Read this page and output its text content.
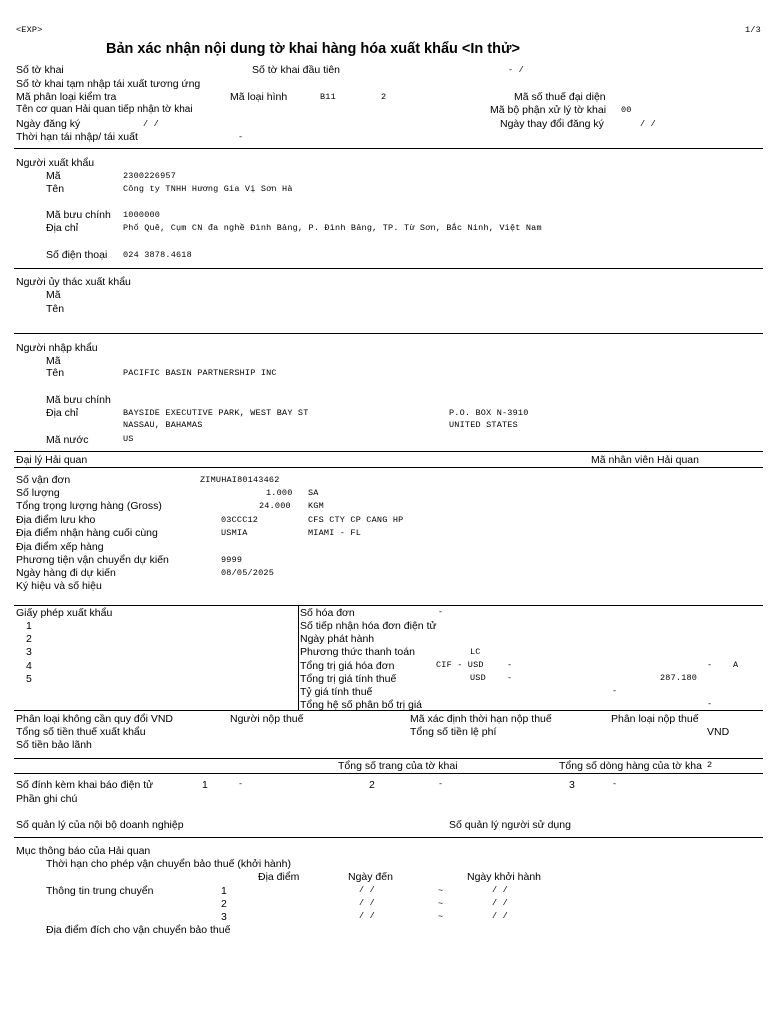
<EXP>	1/3
Bản xác nhận nội dung tờ khai hàng hóa xuất khẩu <In thử>
Số tờ khai	Số tờ khai đầu tiên	- /
Số tờ khai tạm nhập tái xuất tương ứng
Mã phân loại kiểm tra	Mã loại hình	B11	2	Mã số thuế đại diện
Tên cơ quan Hải quan tiếp nhận tờ khai	Mã bộ phận xử lý tờ khai 00
Ngày đăng ký	/ /	Ngày thay đổi đăng ký	/ /
Thời hạn tái nhập/ tái xuất	-
Người xuất khẩu
Mã	2300226957
Tên	Công ty TNHH Hương Gia Vị Sơn Hà
Mã bưu chính 1000000
Địa chỉ	Phố Quê, Cụm CN đa nghề Đình Bảng, P. Đình Bảng, TP. Từ Sơn, Bắc Ninh, Việt Nam
Số điện thoại 024 3878.4618
Người ủy thác xuất khẩu
Mã
Tên
Người nhập khẩu
Mã
Tên	PACIFIC BASIN PARTNERSHIP INC
Mã bưu chính
Địa chỉ	BAYSIDE EXECUTIVE PARK, WEST BAY ST	P.O. BOX N-3910
NASSAU, BAHAMAS	UNITED STATES
Mã nước	US
Đại lý Hải quan	Mã nhân viên Hải quan
Số vận đơn	ZIMUHAI80143462
Số lượng	1.000 SA
Tổng trọng lượng hàng (Gross)	24.000 KGM
Địa điểm lưu kho	03CCC12	CFS CTY CP CANG HP
Địa điểm nhận hàng cuối cùng	USMIA	MIAMI - FL
Địa điểm xếp hàng
Phương tiện vận chuyển dự kiến	9999
Ngày hàng đi dự kiến	08/05/2025
Ký hiệu và số hiệu
Giấy phép xuất khẩu
1
2
3
4
5
Số hóa đơn	-
Số tiếp nhận hóa đơn điện tử
Ngày phát hành
Phương thức thanh toán	LC
Tổng trị giá hóa đơn	CIF - USD	-	- A
Tổng trị giá tính thuế	USD -	287.180
Tỷ giá tính thuế	-
Tổng hệ số phân bổ trị giá	-
Phân loại không cần quy đổi VND	Người nộp thuế	Mã xác định thời hạn nộp thuế	Phân loại nộp thuế
Tổng số tiền thuế xuất khẩu	Tổng số tiền lệ phí	VND
Số tiền bảo lãnh
Tổng số trang của tờ khai	Tổng số dòng hàng của tờ kha 2
Số đính kèm khai báo điện tử	1	-	2	-	3	-
Phần ghi chú
Số quản lý của nội bộ doanh nghiệp	Số quản lý người sử dụng
Mục thông báo của Hải quan
Thời hạn cho phép vận chuyển bảo thuế (khởi hành)
Địa điểm	Ngày đến	Ngày khởi hành
Thông tin trung chuyển	1	/ /	~	/ /
2	/ /	~	/ /
3	/ /	~	/ /
Địa điểm đích cho vận chuyển bảo thuế
